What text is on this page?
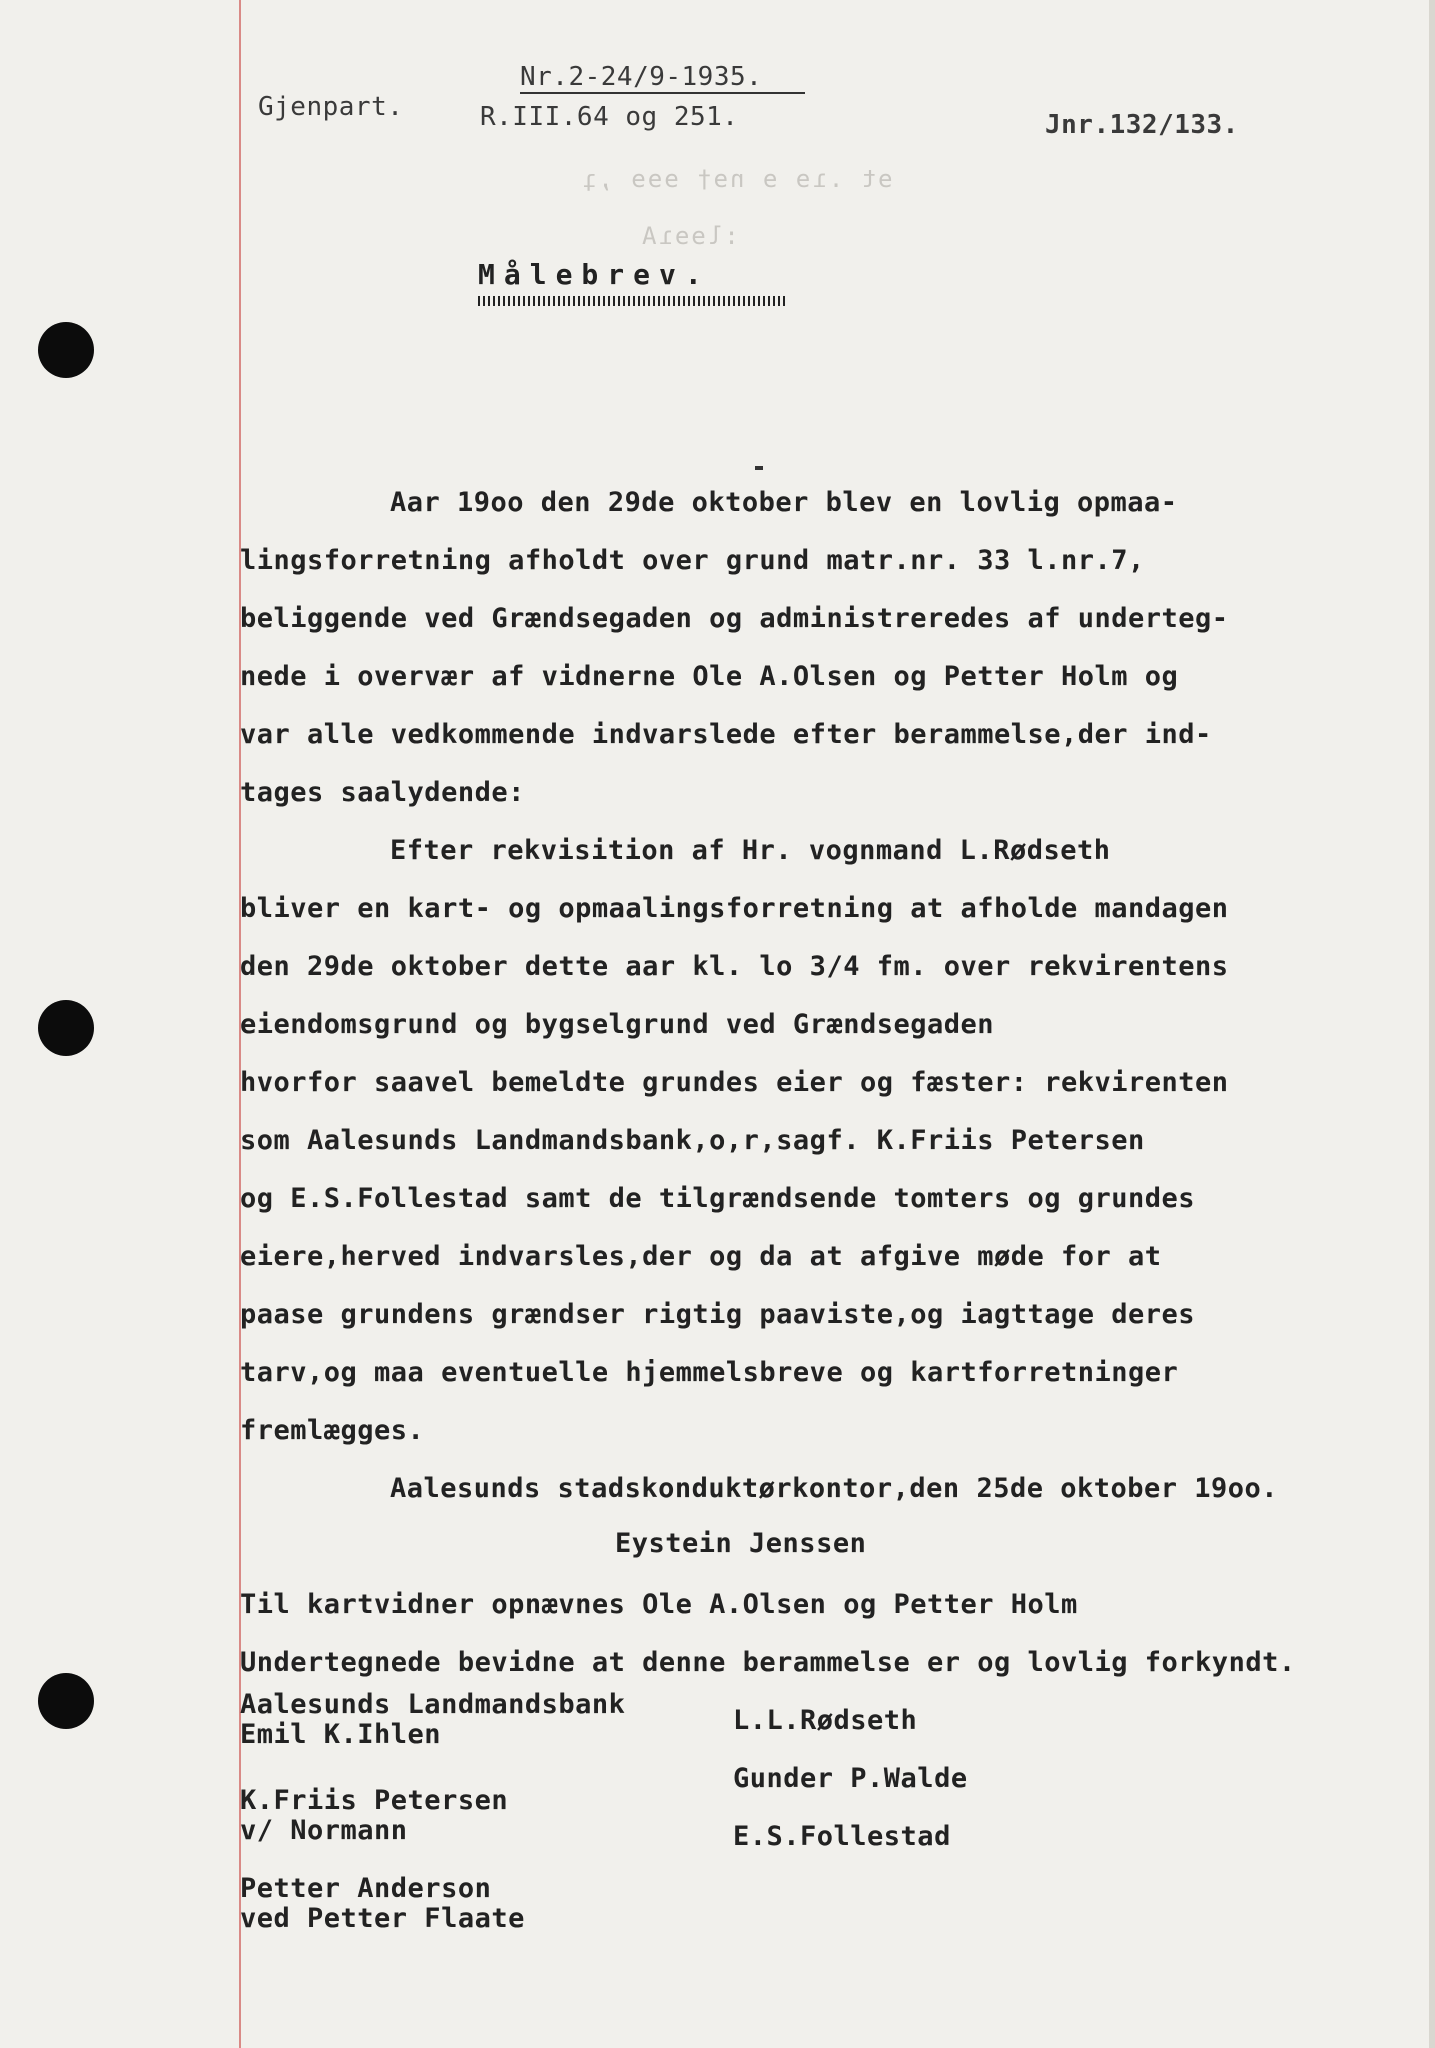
ɘt .ɿɘ ɘ nɘ† ɘɘɘ ,ʇ
:lɘɘɿA
Gjenpart.
Nr.2-24/9-1935.
R.III.64 og 251.	Jnr.132/133.
Målebrev.
Aar 19oo den 29de oktober blev en lovlig opmaa-
lingsforretning afholdt over grund matr.nr. 33 l.nr.7,
beliggende ved Grændsegaden og administreredes af underteg-
nede i overvær af vidnerne Ole A.Olsen og Petter Holm og
var alle vedkommende indvarslede efter berammelse,der ind-
tages saalydende:
Efter rekvisition af Hr. vognmand L.Rødseth
bliver en kart- og opmaalingsforretning at afholde mandagen
den 29de oktober dette aar kl. lo 3/4 fm. over rekvirentens
eiendomsgrund og bygselgrund ved Grændsegaden
hvorfor saavel bemeldte grundes eier og fæster: rekvirenten
som Aalesunds Landmandsbank,o,r,sagf. K.Friis Petersen
og E.S.Follestad samt de tilgrændsende tomters og grundes
eiere,herved indvarsles,der og da at afgive møde for at
paase grundens grændser rigtig paaviste,og iagttage deres
tarv,og maa eventuelle hjemmelsbreve og kartforretninger
fremlægges.
Aalesunds stadskonduktørkontor,den 25de oktober 19oo.
Eystein Jenssen
Til kartvidner opnævnes Ole A.Olsen og Petter Holm
Undertegnede bevidne at denne berammelse er og lovlig forkyndt.
Aalesunds Landmandsbank
Emil K.Ihlen
K.Friis Petersen
v/ Normann
Petter Anderson
ved Petter Flaate
L.L.Rødseth
Gunder P.Walde
E.S.Follestad
